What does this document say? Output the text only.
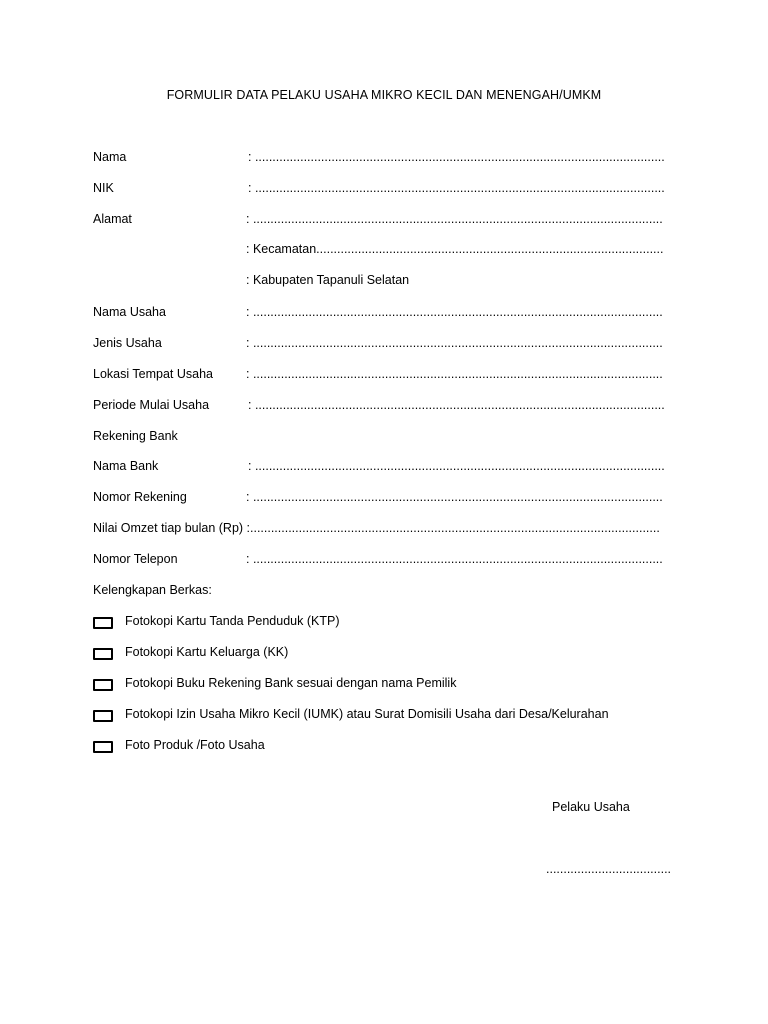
FORMULIR DATA PELAKU USAHA MIKRO KECIL DAN MENENGAH/UMKM
Nama	: ......................................................................................................................
NIK	: ......................................................................................................................
Alamat	: ......................................................................................................................
: Kecamatan....................................................................................................
: Kabupaten Tapanuli Selatan
Nama Usaha	: ......................................................................................................................
Jenis Usaha	: ......................................................................................................................
Lokasi Tempat Usaha	: ......................................................................................................................
Periode Mulai Usaha	: ......................................................................................................................
Rekening Bank
Nama Bank	: ......................................................................................................................
Nomor Rekening	: ......................................................................................................................
Nilai Omzet tiap bulan (Rp) :......................................................................................................................
Nomor Telepon	: ......................................................................................................................
Kelengkapan Berkas:
Fotokopi Kartu Tanda Penduduk (KTP)
Fotokopi Kartu Keluarga (KK)
Fotokopi Buku Rekening Bank sesuai dengan nama Pemilik
Fotokopi Izin Usaha Mikro Kecil (IUMK) atau Surat Domisili Usaha dari Desa/Kelurahan
Foto Produk /Foto Usaha
Pelaku Usaha
....................................
